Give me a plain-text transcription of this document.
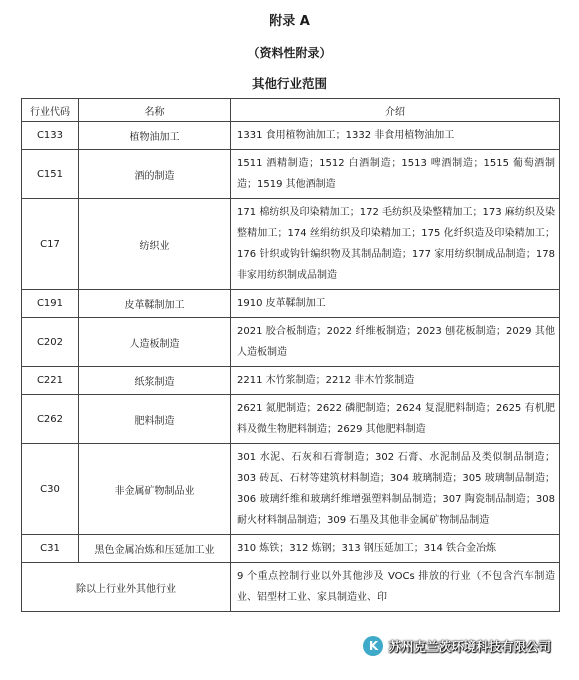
附录 A
（资料性附录）
其他行业范围
行业代码	名称	介绍
C133	植物油加工	1331 食用植物油加工；1332 非食用植物油加工
C151	酒的制造	1511 酒精制造；1512 白酒制造；1513 啤酒制造；1515 葡萄酒制造；1519 其他酒制造
C17	纺织业	171 棉纺织及印染精加工；172 毛纺织及染整精加工；173 麻纺织及染整精加工；174 丝绢纺织及印染精加工；175 化纤织造及印染精加工；176 针织或钩针编织物及其制品制造；177 家用纺织制成品制造；178 非家用纺织制成品制造
C191	皮革鞣制加工	1910 皮革鞣制加工
C202	人造板制造	2021 胶合板制造；2022 纤维板制造；2023 刨花板制造；2029 其他人造板制造
C221	纸浆制造	2211 木竹浆制造；2212 非木竹浆制造
C262	肥料制造	2621 氮肥制造；2622 磷肥制造；2624 复混肥料制造；2625 有机肥料及微生物肥料制造；2629 其他肥料制造
C30	非金属矿物制品业	301 水泥、石灰和石膏制造；302 石膏、水泥制品及类似制品制造；303 砖瓦、石材等建筑材料制造；304 玻璃制造；305 玻璃制品制造；306 玻璃纤维和玻璃纤维增强塑料制品制造；307 陶瓷制品制造；308 耐火材料制品制造；309 石墨及其他非金属矿物制品制造
C31	黑色金属冶炼和压延加工业	310 炼铁；312 炼钢；313 钢压延加工；314 铁合金冶炼
除以上行业外其他行业		9 个重点控制行业以外其他涉及 VOCs 排放的行业（不包含汽车制造业、铝型材工业、家具制造业、印
K 苏州克兰茨环境科技有限公司
